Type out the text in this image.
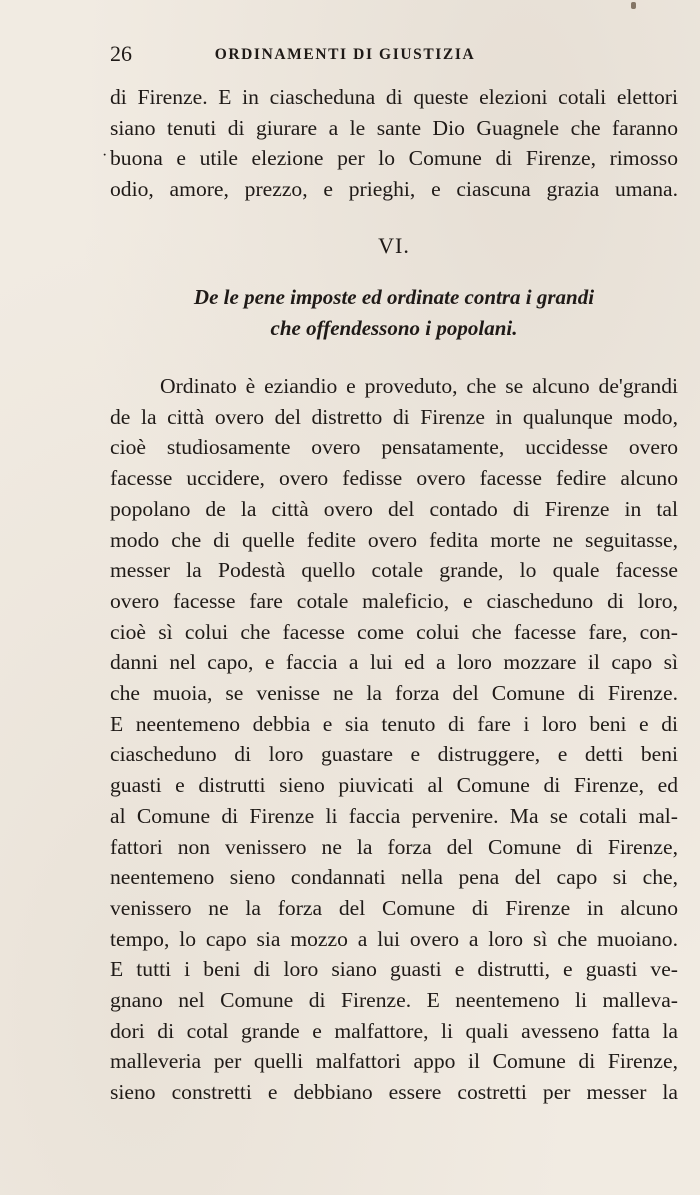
26	ORDINAMENTI DI GIUSTIZIA
·

di Firenze. E in ciascheduna di queste elezioni cotali elettori
siano tenuti di giurare a le sante Dio Guagnele che faranno
buona e utile elezione per lo Comune di Firenze, rimosso
odio, amore, prezzo, e prieghi, e ciascuna grazia umana.

VI.
De le pene imposte ed ordinate contra i grandi
che offendessono i popolani.

Ordinato è eziandio e proveduto, che se alcuno de'grandi
de la città overo del distretto di Firenze in qualunque modo,
cioè studiosamente overo pensatamente, uccidesse overo
facesse uccidere, overo fedisse overo facesse fedire alcuno
popolano de la città overo del contado di Firenze in tal
modo che di quelle fedite overo fedita morte ne seguitasse,
messer la Podestà quello cotale grande, lo quale facesse
overo facesse fare cotale maleficio, e ciascheduno di loro,
cioè sì colui che facesse come colui che facesse fare, con-
danni nel capo, e faccia a lui ed a loro mozzare il capo sì
che muoia, se venisse ne la forza del Comune di Firenze.
E neentemeno debbia e sia tenuto di fare i loro beni e di
ciascheduno di loro guastare e distruggere, e detti beni
guasti e distrutti sieno piuvicati al Comune di Firenze, ed
al Comune di Firenze li faccia pervenire. Ma se cotali mal-
fattori non venissero ne la forza del Comune di Firenze,
neentemeno sieno condannati nella pena del capo si che,
venissero ne la forza del Comune di Firenze in alcuno
tempo, lo capo sia mozzo a lui overo a loro sì che muoiano.
E tutti i beni di loro siano guasti e distrutti, e guasti ve-
gnano nel Comune di Firenze. E neentemeno li malleva-
dori di cotal grande e malfattore, li quali avesseno fatta la
malleveria per quelli malfattori appo il Comune di Firenze,
sieno constretti e debbiano essere costretti per messer la
